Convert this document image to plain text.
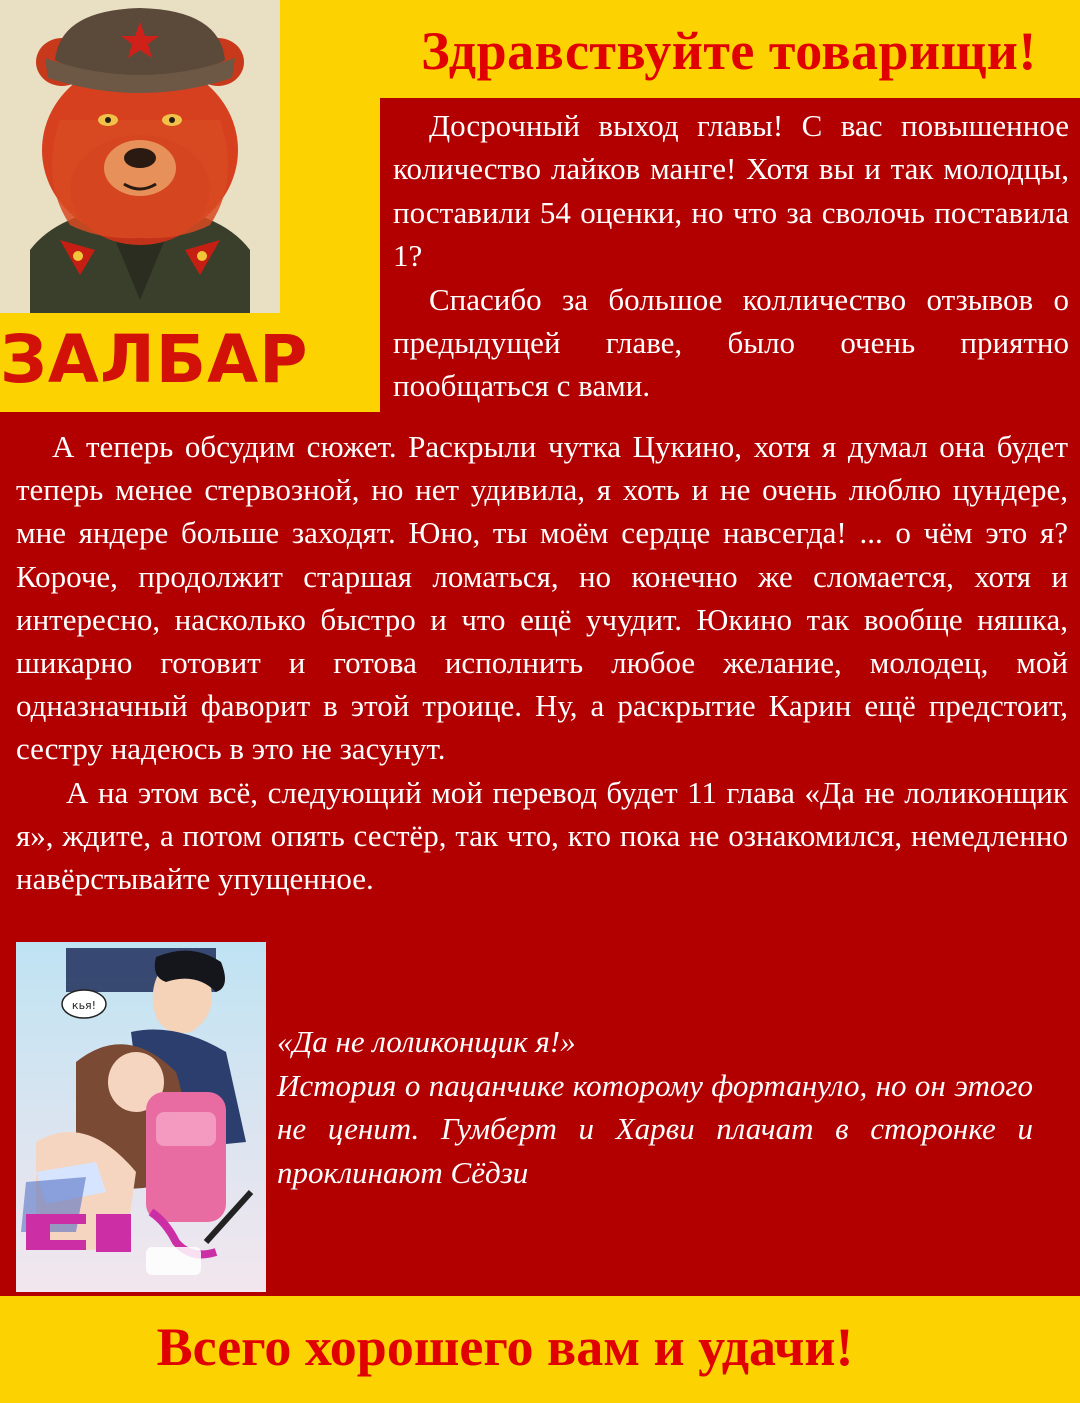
Здравствуйте товарищи!
ЗАЛБАР

Досрочный выход главы! С вас повышенное количество лайков манге! Хотя вы и так молодцы, поставили 54 оценки, но что за сволочь поставила 1?

Спасибо за большое колличество отзывов о предыдущей главе, было очень приятно пообщаться с вами.

А теперь обсудим сюжет. Раскрыли чутка Цукино, хотя я думал она будет теперь менее стервозной, но нет удивила, я хоть и не очень люблю цундере, мне яндере больше заходят. Юно, ты моём сердце навсегда! ... о чём это я? Короче, продолжит старшая ломаться, но конечно же сломается, хотя и интересно, насколько быстро и что ещё учудит. Юкино так вообще няшка, шикарно готовит и готова исполнить любое желание, молодец, мой одназначный фаворит в этой троице. Ну, а раскрытие Карин ещё предстоит, сестру надеюсь в это не засунут.

А на этом всё, следующий мой перевод будет 11 глава «Да не лоликонщик я», ждите, а потом опять сестёр, так что, кто пока не ознакомился, немедленно навёрстывайте упущенное.

кья!
«Да не лоликонщик я!»
История о пацанчике которому фортануло, но он этого не ценит. Гумберт и Харви плачат в сторонке и проклинают Сёдзи
Всего хорошего вам и удачи!
